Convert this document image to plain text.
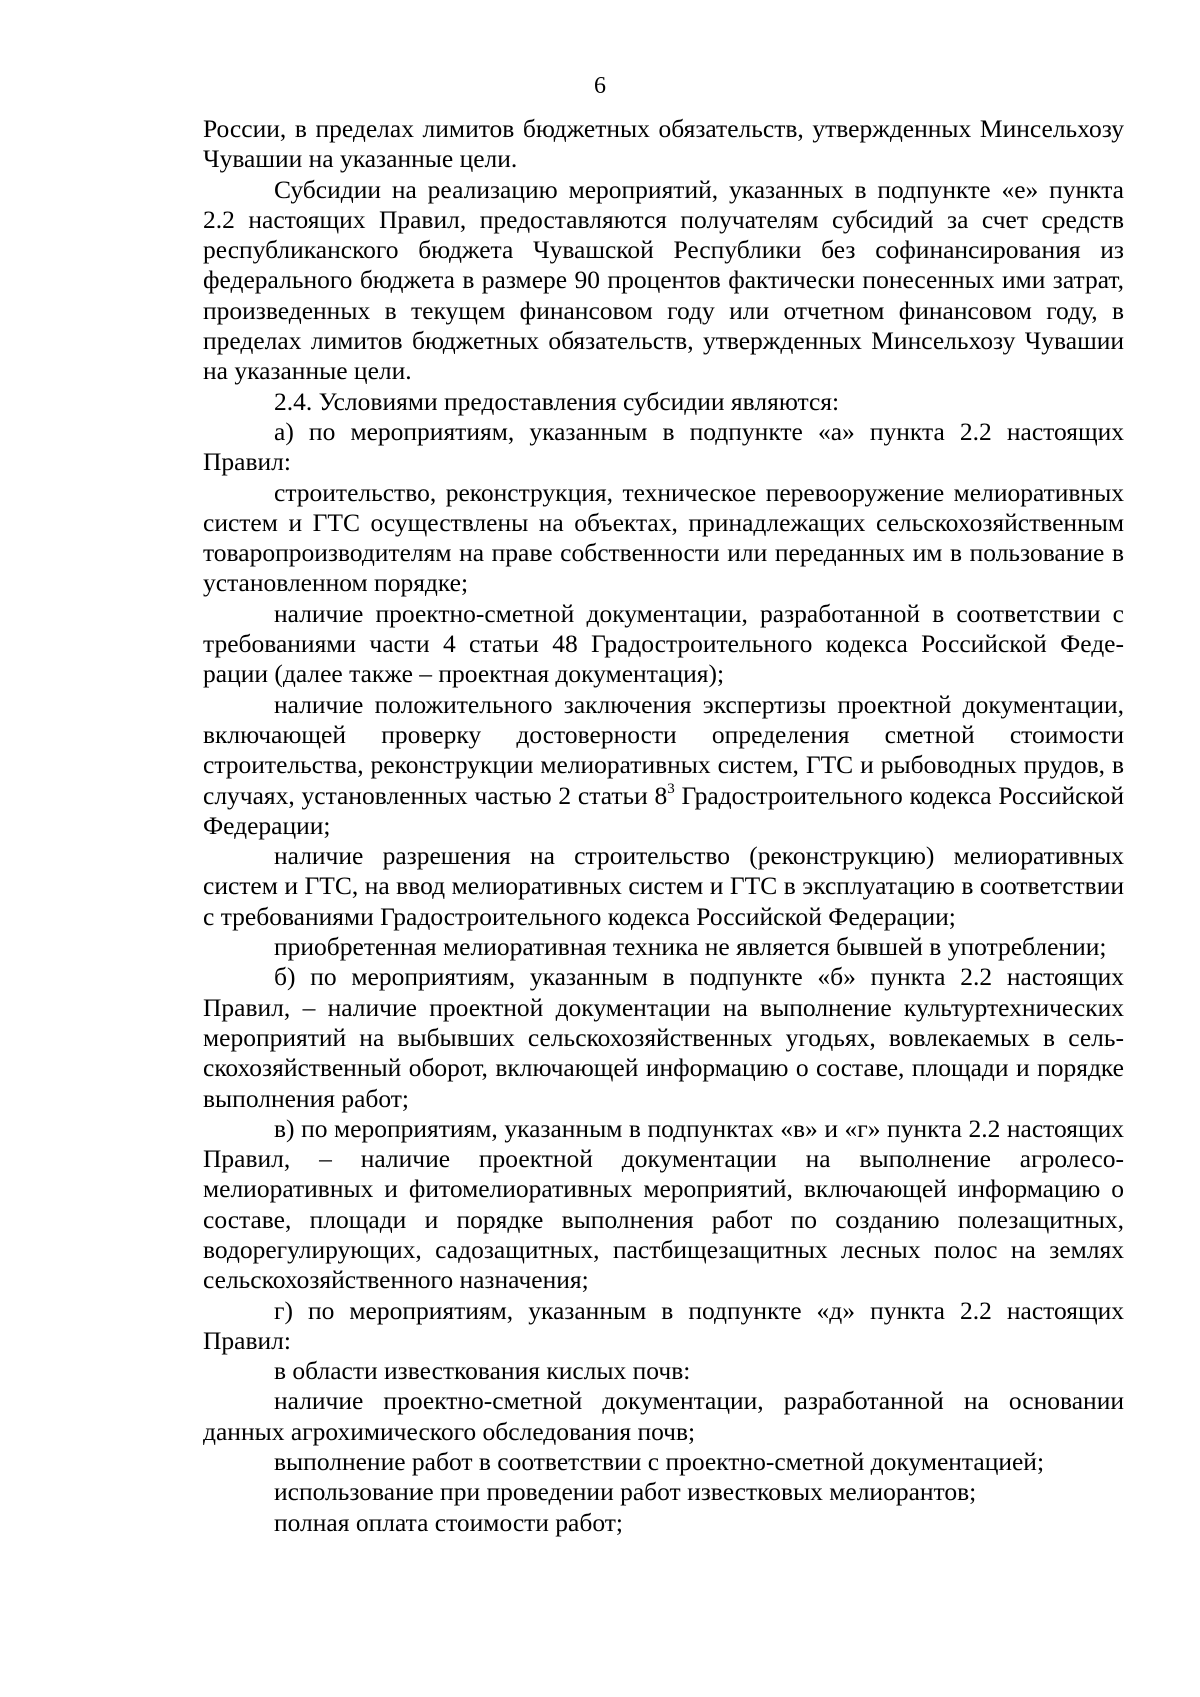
6

России, в пределах лимитов бюджетных обязательств, утвержденных Минсельхозу Чувашии на указанные цели.

Субсидии на реализацию мероприятий, указанных в подпункте «е» пункта 2.2 настоящих Правил, предоставляются получателям субсидий за счет средств республиканского бюджета Чувашской Республики без софинансирования из федерального бюджета в размере 90 процентов фактически понесенных ими затрат, произведенных в текущем финансовом году или отчетном финансовом году, в пределах лимитов бюджетных обязательств, утвержденных Минсельхозу Чувашии на указанные цели.

2.4. Условиями предоставления субсидии являются:

а) по мероприятиям, указанным в подпункте «а» пункта 2.2 настоящих Правил:

строительство, реконструкция, техническое перевооружение мелиоративных систем и ГТС осуществлены на объектах, принадлежащих сельскохозяйственным товаропроизводителям на праве собственности или переданных им в пользование в установленном порядке;

наличие проектно-сметной документации, разработанной в соответствии с требованиями части 4 статьи 48 Градостроительного кодекса Российской Федерации (далее также – проектная документация);

наличие положительного заключения экспертизы проектной документации, включающей проверку достоверности определения сметной стоимости строительства, реконструкции мелиоративных систем, ГТС и рыбоводных прудов, в случаях, установленных частью 2 статьи $8^3$ Градостроительного кодекса Российской Федерации;

наличие разрешения на строительство (реконструкцию) мелиоративных систем и ГТС, на ввод мелиоративных систем и ГТС в эксплуатацию в соответствии с требованиями Градостроительного кодекса Российской Федерации;

приобретенная мелиоративная техника не является бывшей в употреблении;

б) по мероприятиям, указанным в подпункте «б» пункта 2.2 настоящих Правил, – наличие проектной документации на выполнение культуртехнических мероприятий на выбывших сельскохозяйственных угодьях, вовлекаемых в сельскохозяйственный оборот, включающей информацию о составе, площади и порядке выполнения работ;

в) по мероприятиям, указанным в подпунктах «в» и «г» пункта 2.2 настоящих Правил, – наличие проектной документации на выполнение агролесомелиоративных и фитомелиоративных мероприятий, включающей информацию о составе, площади и порядке выполнения работ по созданию полезащитных, водорегулирующих, садозащитных, пастбищезащитных лесных полос на землях сельскохозяйственного назначения;

г) по мероприятиям, указанным в подпункте «д» пункта 2.2 настоящих Правил:

в области известкования кислых почв:

наличие проектно-сметной документации, разработанной на основании данных агрохимического обследования почв;

выполнение работ в соответствии с проектно-сметной документацией;

использование при проведении работ известковых мелиорантов;

полная оплата стоимости работ;
